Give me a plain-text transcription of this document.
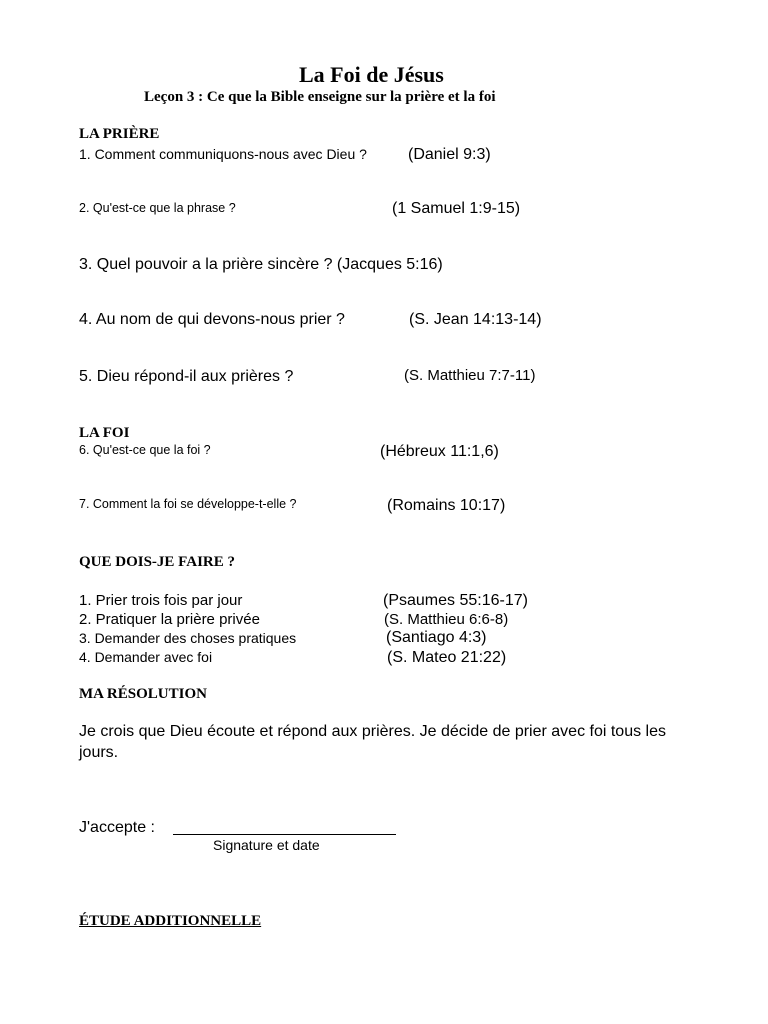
La Foi de Jésus
Leçon 3 : Ce que la Bible enseigne sur la prière et la foi
LA PRIÈRE
1. Comment communiquons-nous avec Dieu ?	(Daniel 9:3)
2. Qu'est-ce que la phrase ?	(1 Samuel 1:9-15)
3. Quel pouvoir a la prière sincère ? (Jacques 5:16)
4. Au nom de qui devons-nous prier ?	(S. Jean 14:13-14)
5. Dieu répond-il aux prières ?	(S. Matthieu 7:7-11)
LA FOI
6. Qu'est-ce que la foi ?	(Hébreux 11:1,6)
7. Comment la foi se développe-t-elle ?	(Romains 10:17)
QUE DOIS-JE FAIRE ?
1. Prier trois fois par jour	(Psaumes 55:16-17)
2. Pratiquer la prière privée	(S. Matthieu 6:6-8)
3. Demander des choses pratiques	(Santiago 4:3)
4. Demander avec foi	(S. Mateo 21:22)
MA RÉSOLUTION
Je crois que Dieu écoute et répond aux prières. Je décide de prier avec foi tous les
jours.
J'accepte :
Signature et date
ÉTUDE ADDITIONNELLE
